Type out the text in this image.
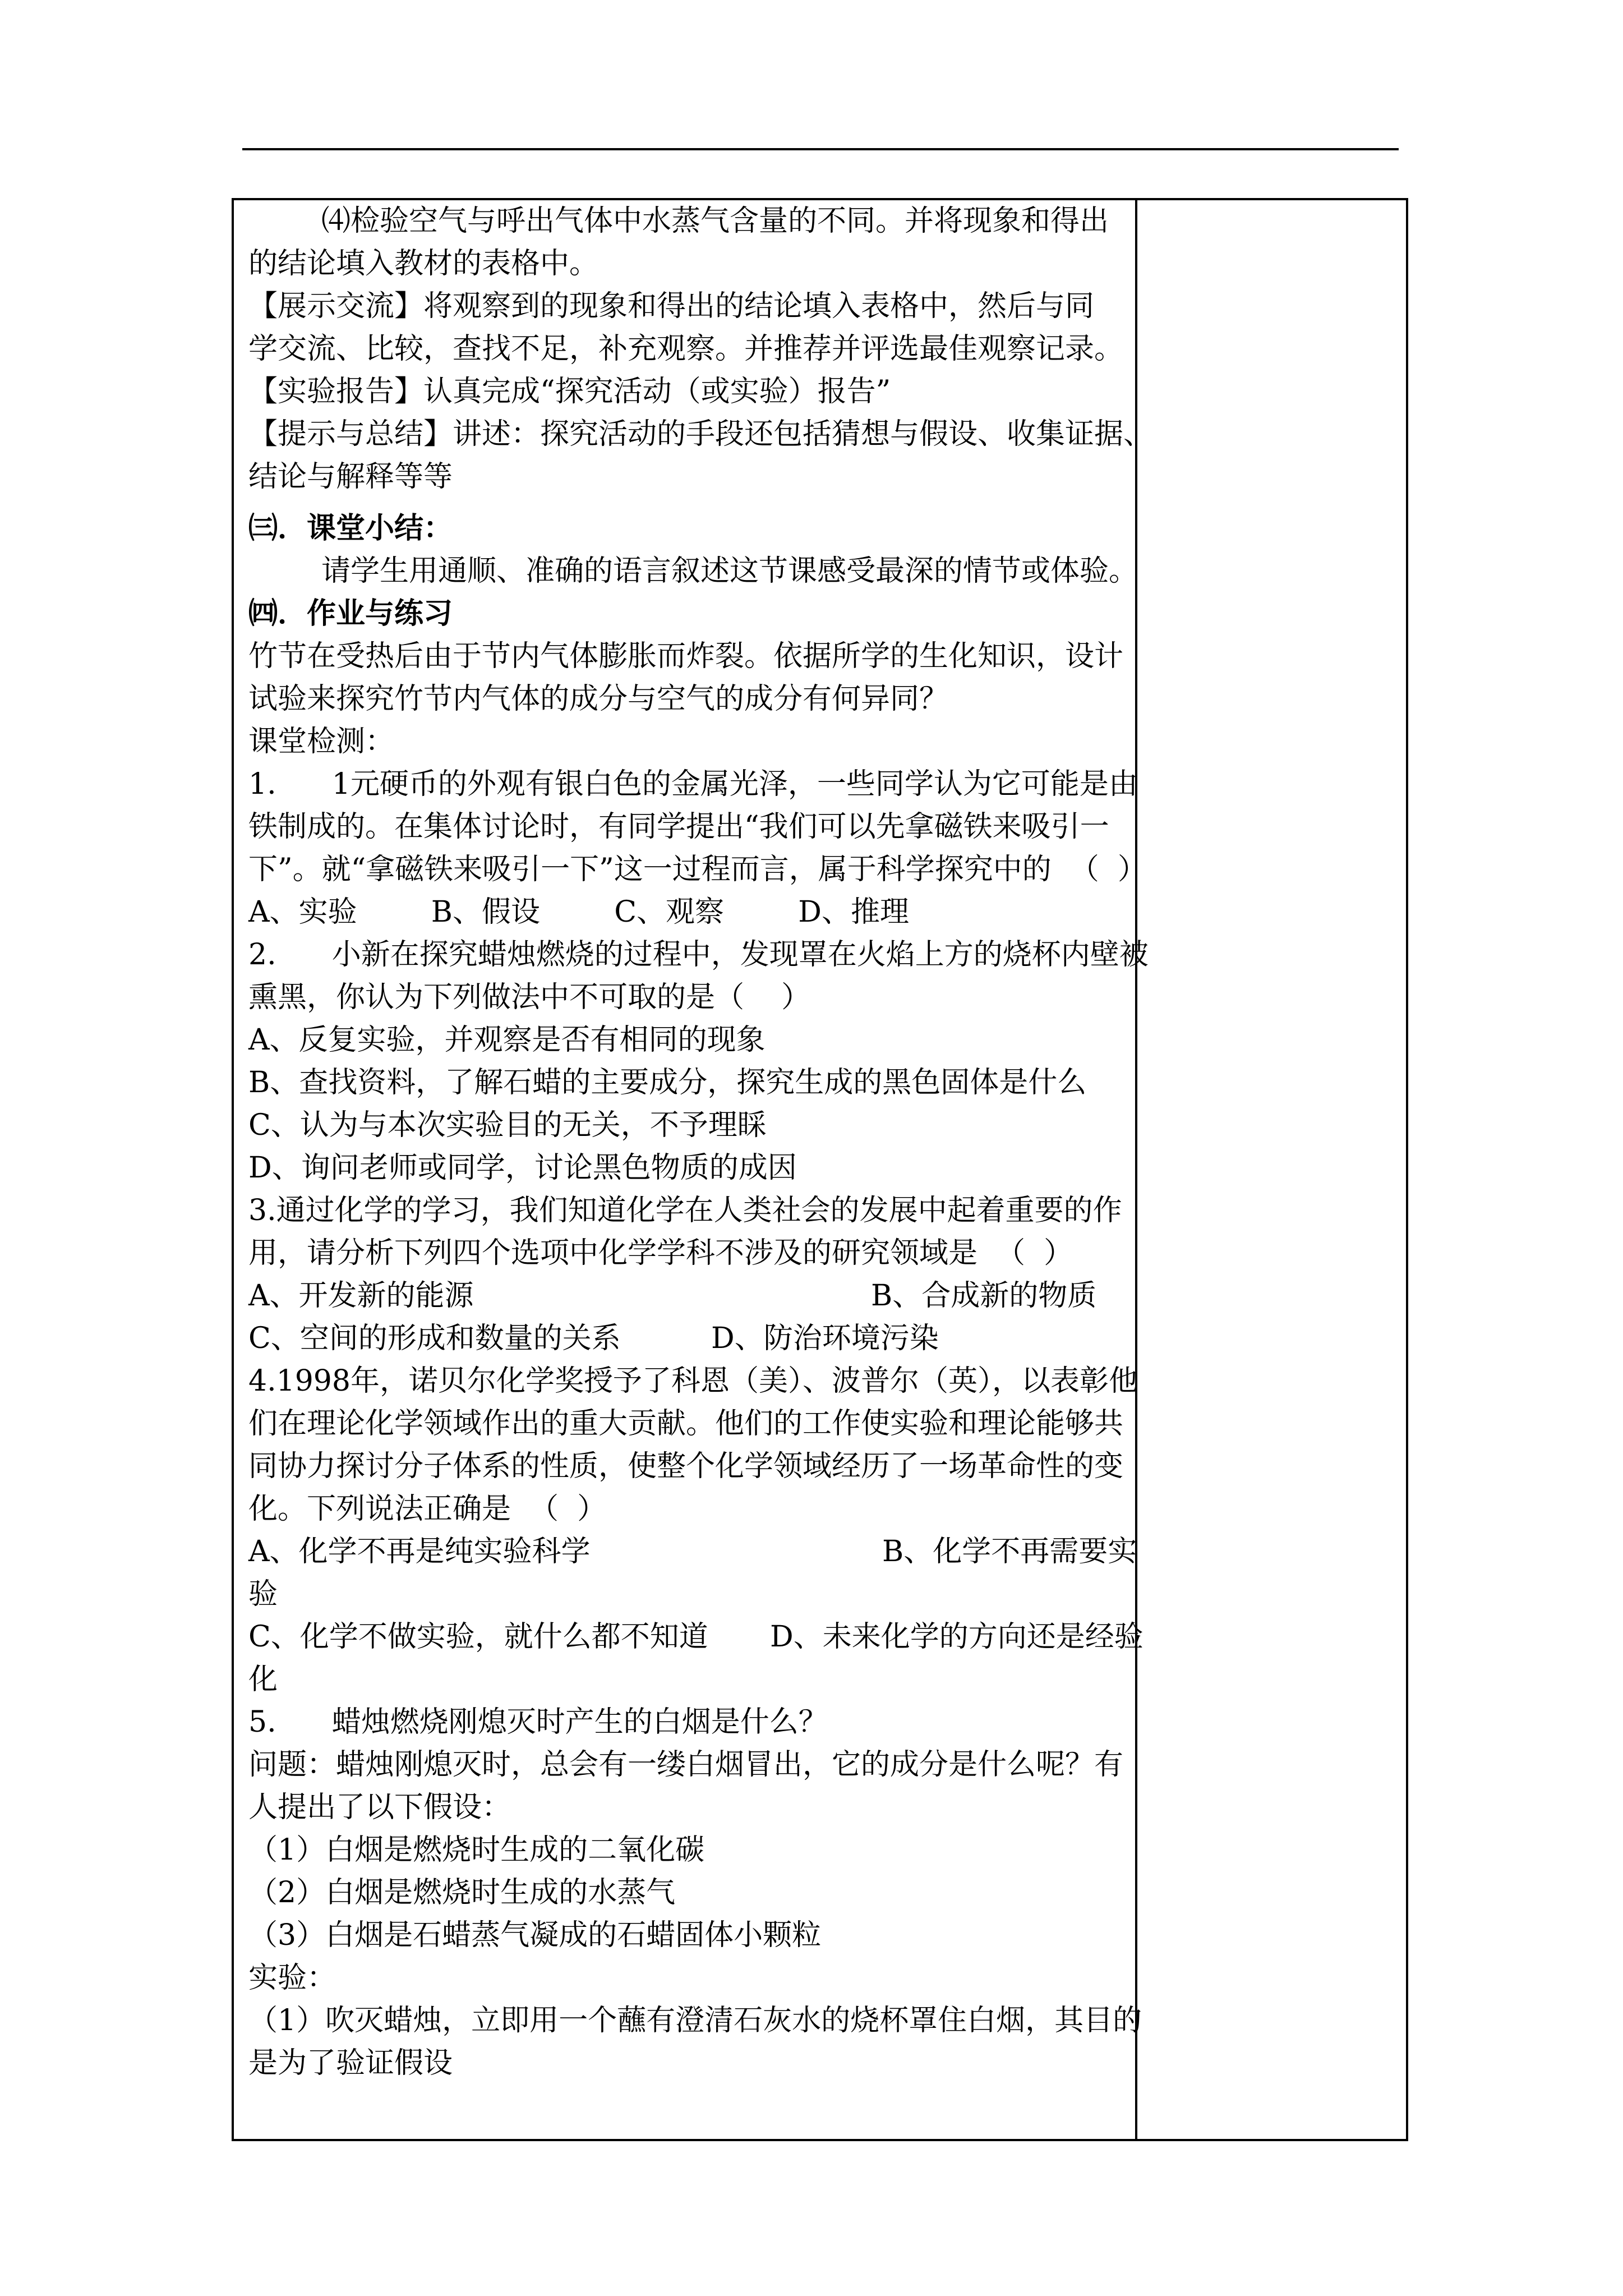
⑷检验空气与呼出气体中水蒸气含量的不同。并将现象和得出
的结论填入教材的表格中。
【展示交流】将观察到的现象和得出的结论填入表格中，然后与同
学交流、比较，查找不足，补充观察。并推荐并评选最佳观察记录。
【实验报告】认真完成“探究活动（或实验）报告”
【提示与总结】讲述：探究活动的手段还包括猜想与假设、收集证据、
结论与解释等等
㈢．课堂小结：
请学生用通顺、准确的语言叙述这节课感受最深的情节或体验。
㈣．作业与练习
竹节在受热后由于节内气体膨胀而炸裂。依据所学的生化知识，设计
试验来探究竹节内气体的成分与空气的成分有何异同？
课堂检测：
1.      1元硬币的外观有银白色的金属光泽，一些同学认为它可能是由
铁制成的。在集体讨论时，有同学提出“我们可以先拿磁铁来吸引一
下”。就“拿磁铁来吸引一下”这一过程而言，属于科学探究中的  （  ）
A、实验        B、假设        C、观察        D、推理
2.      小新在探究蜡烛燃烧的过程中，发现罩在火焰上方的烧杯内壁被
熏黑，你认为下列做法中不可取的是（    ）
A、反复实验，并观察是否有相同的现象
B、查找资料，了解石蜡的主要成分，探究生成的黑色固体是什么
C、认为与本次实验目的无关，不予理睬
D、询问老师或同学，讨论黑色物质的成因
3.通过化学的学习，我们知道化学在人类社会的发展中起着重要的作
用，请分析下列四个选项中化学学科不涉及的研究领域是  （  ）
A、开发新的能源	B、合成新的物质
C、空间的形成和数量的关系	D、防治环境污染
4.1998年，诺贝尔化学奖授予了科恩（美）、波普尔（英），以表彰他
们在理论化学领域作出的重大贡献。他们的工作使实验和理论能够共
同协力探讨分子体系的性质，使整个化学领域经历了一场革命性的变
化。下列说法正确是  （  ）
A、化学不再是纯实验科学	B、化学不再需要实
验
C、化学不做实验，就什么都不知道 D、未来化学的方向还是经验
化
5.      蜡烛燃烧刚熄灭时产生的白烟是什么？
问题：蜡烛刚熄灭时，总会有一缕白烟冒出，它的成分是什么呢？有
人提出了以下假设：
（1）白烟是燃烧时生成的二氧化碳
（2）白烟是燃烧时生成的水蒸气
（3）白烟是石蜡蒸气凝成的石蜡固体小颗粒
实验：
（1）吹灭蜡烛，立即用一个蘸有澄清石灰水的烧杯罩住白烟，其目的
是为了验证假设
